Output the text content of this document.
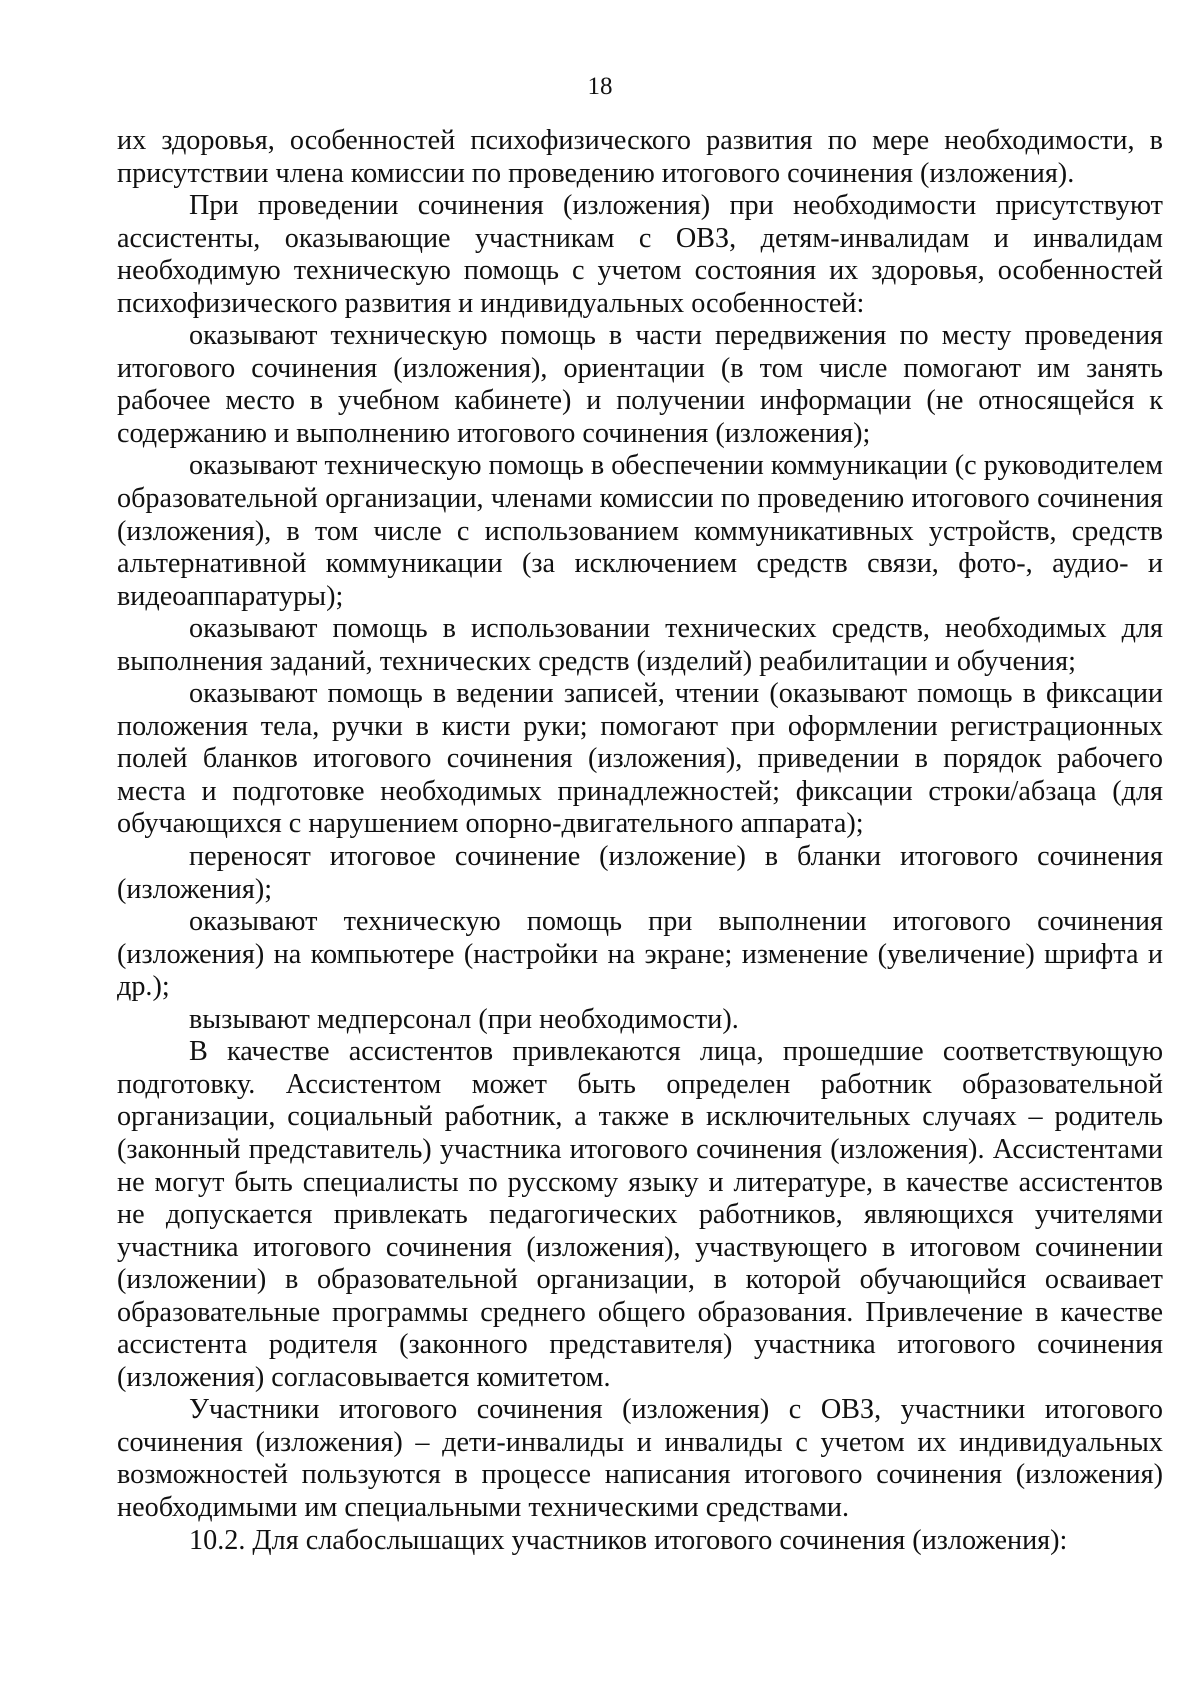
18

их здоровья, особенностей психофизического развития по мере необходимости, в присутствии члена комиссии по проведению итогового сочинения (изложения).

При проведении сочинения (изложения) при необходимости присутствуют ассистенты, оказывающие участникам с ОВЗ, детям-инвалидам и инвалидам необходимую техническую помощь с учетом состояния их здоровья, особенностей психофизического развития и индивидуальных особенностей:

оказывают техническую помощь в части передвижения по месту проведения итогового сочинения (изложения), ориентации (в том числе помогают им занять рабочее место в учебном кабинете) и получении информации (не относящейся к содержанию и выполнению итогового сочинения (изложения);

оказывают техническую помощь в обеспечении коммуникации (с руководителем образовательной организации, членами комиссии по проведению итогового сочинения (изложения), в том числе с использованием коммуникативных устройств, средств альтернативной коммуникации (за исключением средств связи, фото-, аудио- и видеоаппаратуры);

оказывают помощь в использовании технических средств, необходимых для выполнения заданий, технических средств (изделий) реабилитации и обучения;

оказывают помощь в ведении записей, чтении (оказывают помощь в фиксации положения тела, ручки в кисти руки; помогают при оформлении регистрационных полей бланков итогового сочинения (изложения), приведении в порядок рабочего места и подготовке необходимых принадлежностей; фиксации строки/абзаца (для обучающихся с нарушением опорно-двигательного аппарата);

переносят итоговое сочинение (изложение) в бланки итогового сочинения (изложения);

оказывают техническую помощь при выполнении итогового сочинения (изложения) на компьютере (настройки на экране; изменение (увеличение) шрифта и др.);

вызывают медперсонал (при необходимости).

В качестве ассистентов привлекаются лица, прошедшие соответствующую подготовку. Ассистентом может быть определен работник образовательной организации, социальный работник, а также в исключительных случаях – родитель (законный представитель) участника итогового сочинения (изложения). Ассистентами не могут быть специалисты по русскому языку и литературе, в качестве ассистентов не допускается привлекать педагогических работников, являющихся учителями участника итогового сочинения (изложения), участвующего в итоговом сочинении (изложении) в образовательной организации, в которой обучающийся осваивает образовательные программы среднего общего образования. Привлечение в качестве ассистента родителя (законного представителя) участника итогового сочинения (изложения) согласовывается комитетом.

Участники итогового сочинения (изложения) с ОВЗ, участники итогового сочинения (изложения) – дети-инвалиды и инвалиды с учетом их индивидуальных возможностей пользуются в процессе написания итогового сочинения (изложения) необходимыми им специальными техническими средствами.

10.2. Для слабослышащих участников итогового сочинения (изложения):
